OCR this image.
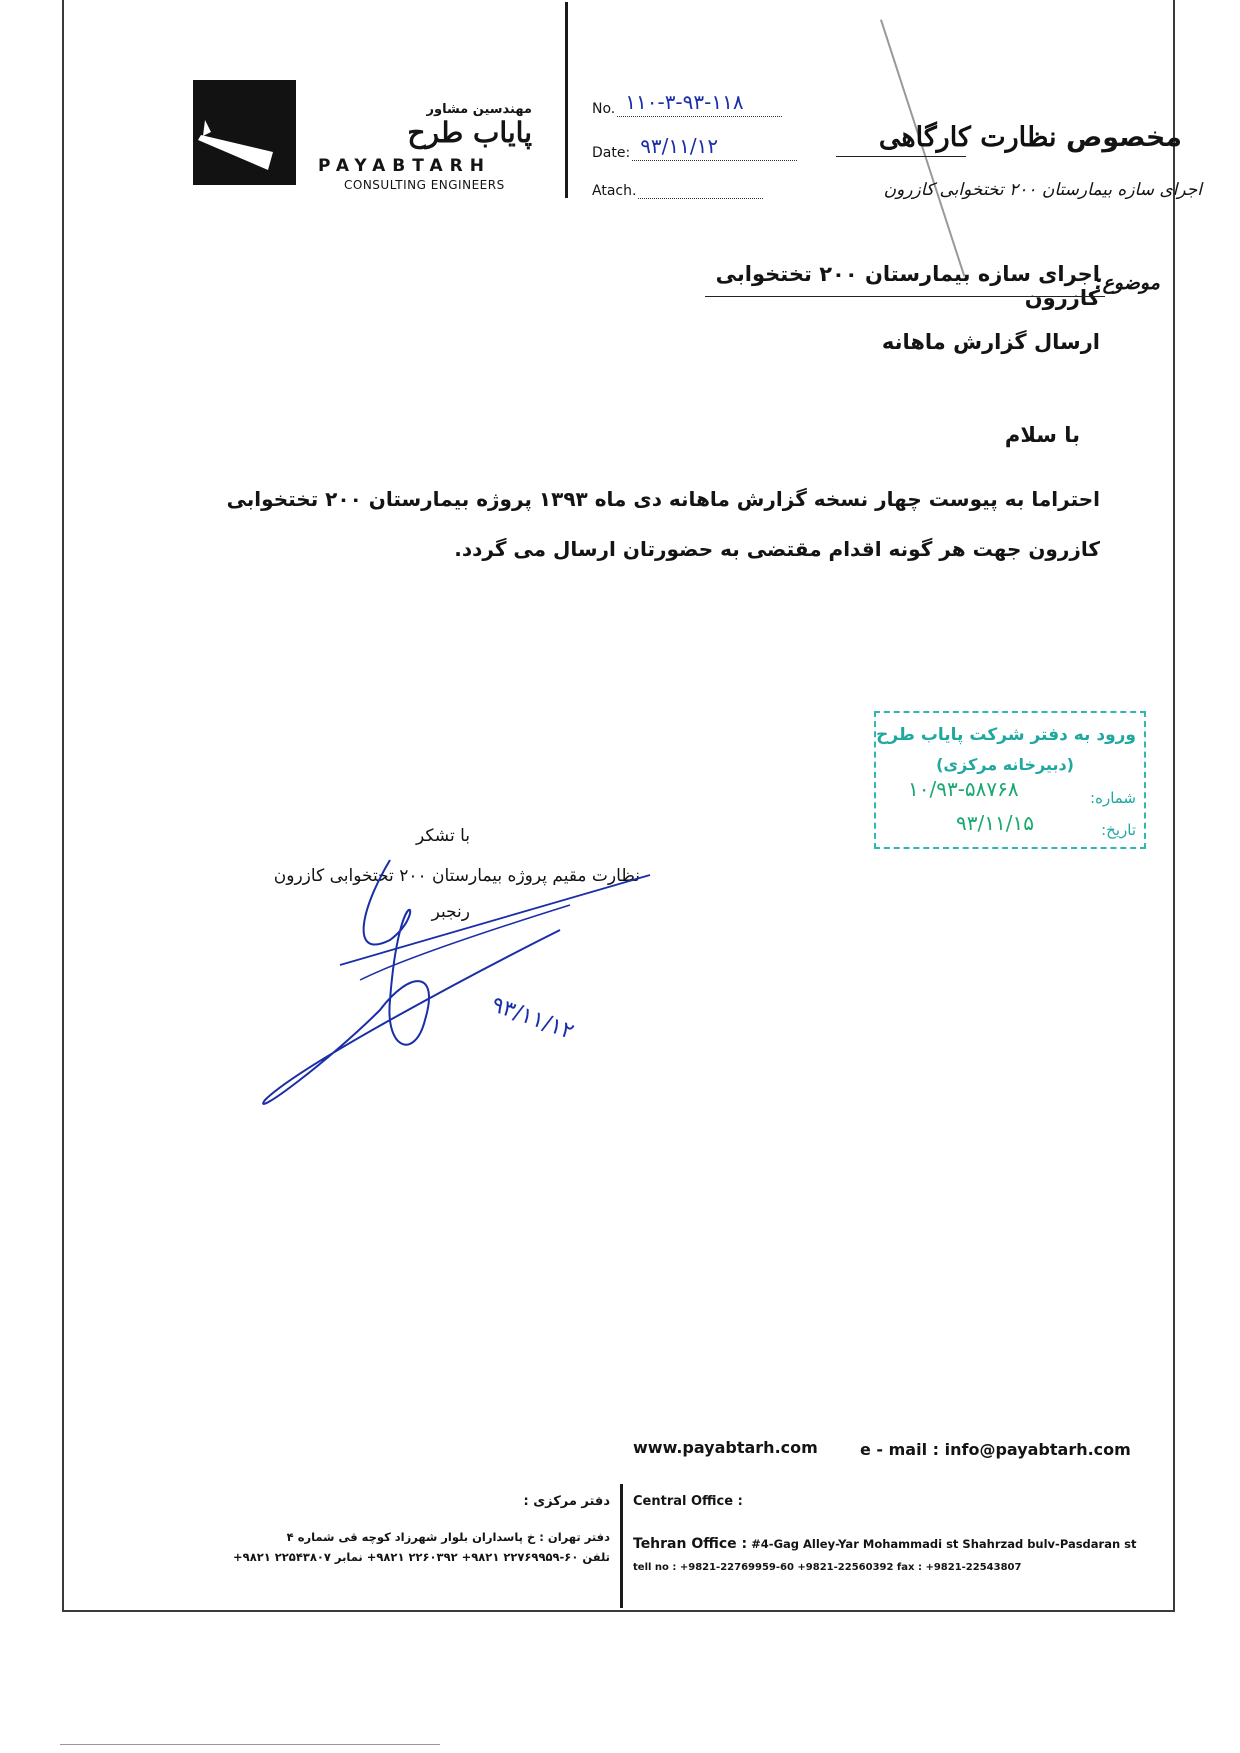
مهندسین مشاور
پایاب طرح
PAYABTARH
CONSULTING ENGINEERS
No. ۱۱۰-۳-۹۳-۱۱۸
Date: ۹۳/۱۱/۱۲
Atach.
مخصوص نظارت کارگاهی
اجرای سازه بیمارستان ۲۰۰ تختخوابی کازرون
موضوع:
اجرای سازه بیمارستان ۲۰۰ تختخوابی کازرون
ارسال گزارش ماهانه
با سلام
احتراما به پیوست چهار نسخه گزارش ماهانه دی ماه ۱۳۹۳ پروژه بیمارستان ۲۰۰ تختخوابی کازرون جهت هر گونه اقدام مقتضی به حضورتان ارسال می گردد.
ورود به دفتر شرکت پایاب طرح
(دبیرخانه مرکزی)
شماره:
۱۰/۹۳-۵۸۷۶۸
تاریخ:
۹۳/۱۱/۱۵
با تشکر
نظارت مقیم پروژه بیمارستان ۲۰۰ تختخوابی کازرون
رنجبر
۹۳/۱۱/۱۲
www.payabtarh.com	e - mail : info@payabtarh.com
دفتر مرکزی : Central Office :
دفتر تهران : خ پاسداران بلوار شهرزاد کوچه قی شماره ۴
تلفن ۶۰-۲۲۷۶۹۹۵۹ ۹۸۲۱+ ۲۲۶۰۳۹۲ ۹۸۲۱+ نمابر ۲۲۵۴۳۸۰۷ ۹۸۲۱+
Tehran Office : #4-Gag Alley-Yar Mohammadi st Shahrzad bulv-Pasdaran st
tell no : +9821-22769959-60 +9821-22560392 fax : +9821-22543807
